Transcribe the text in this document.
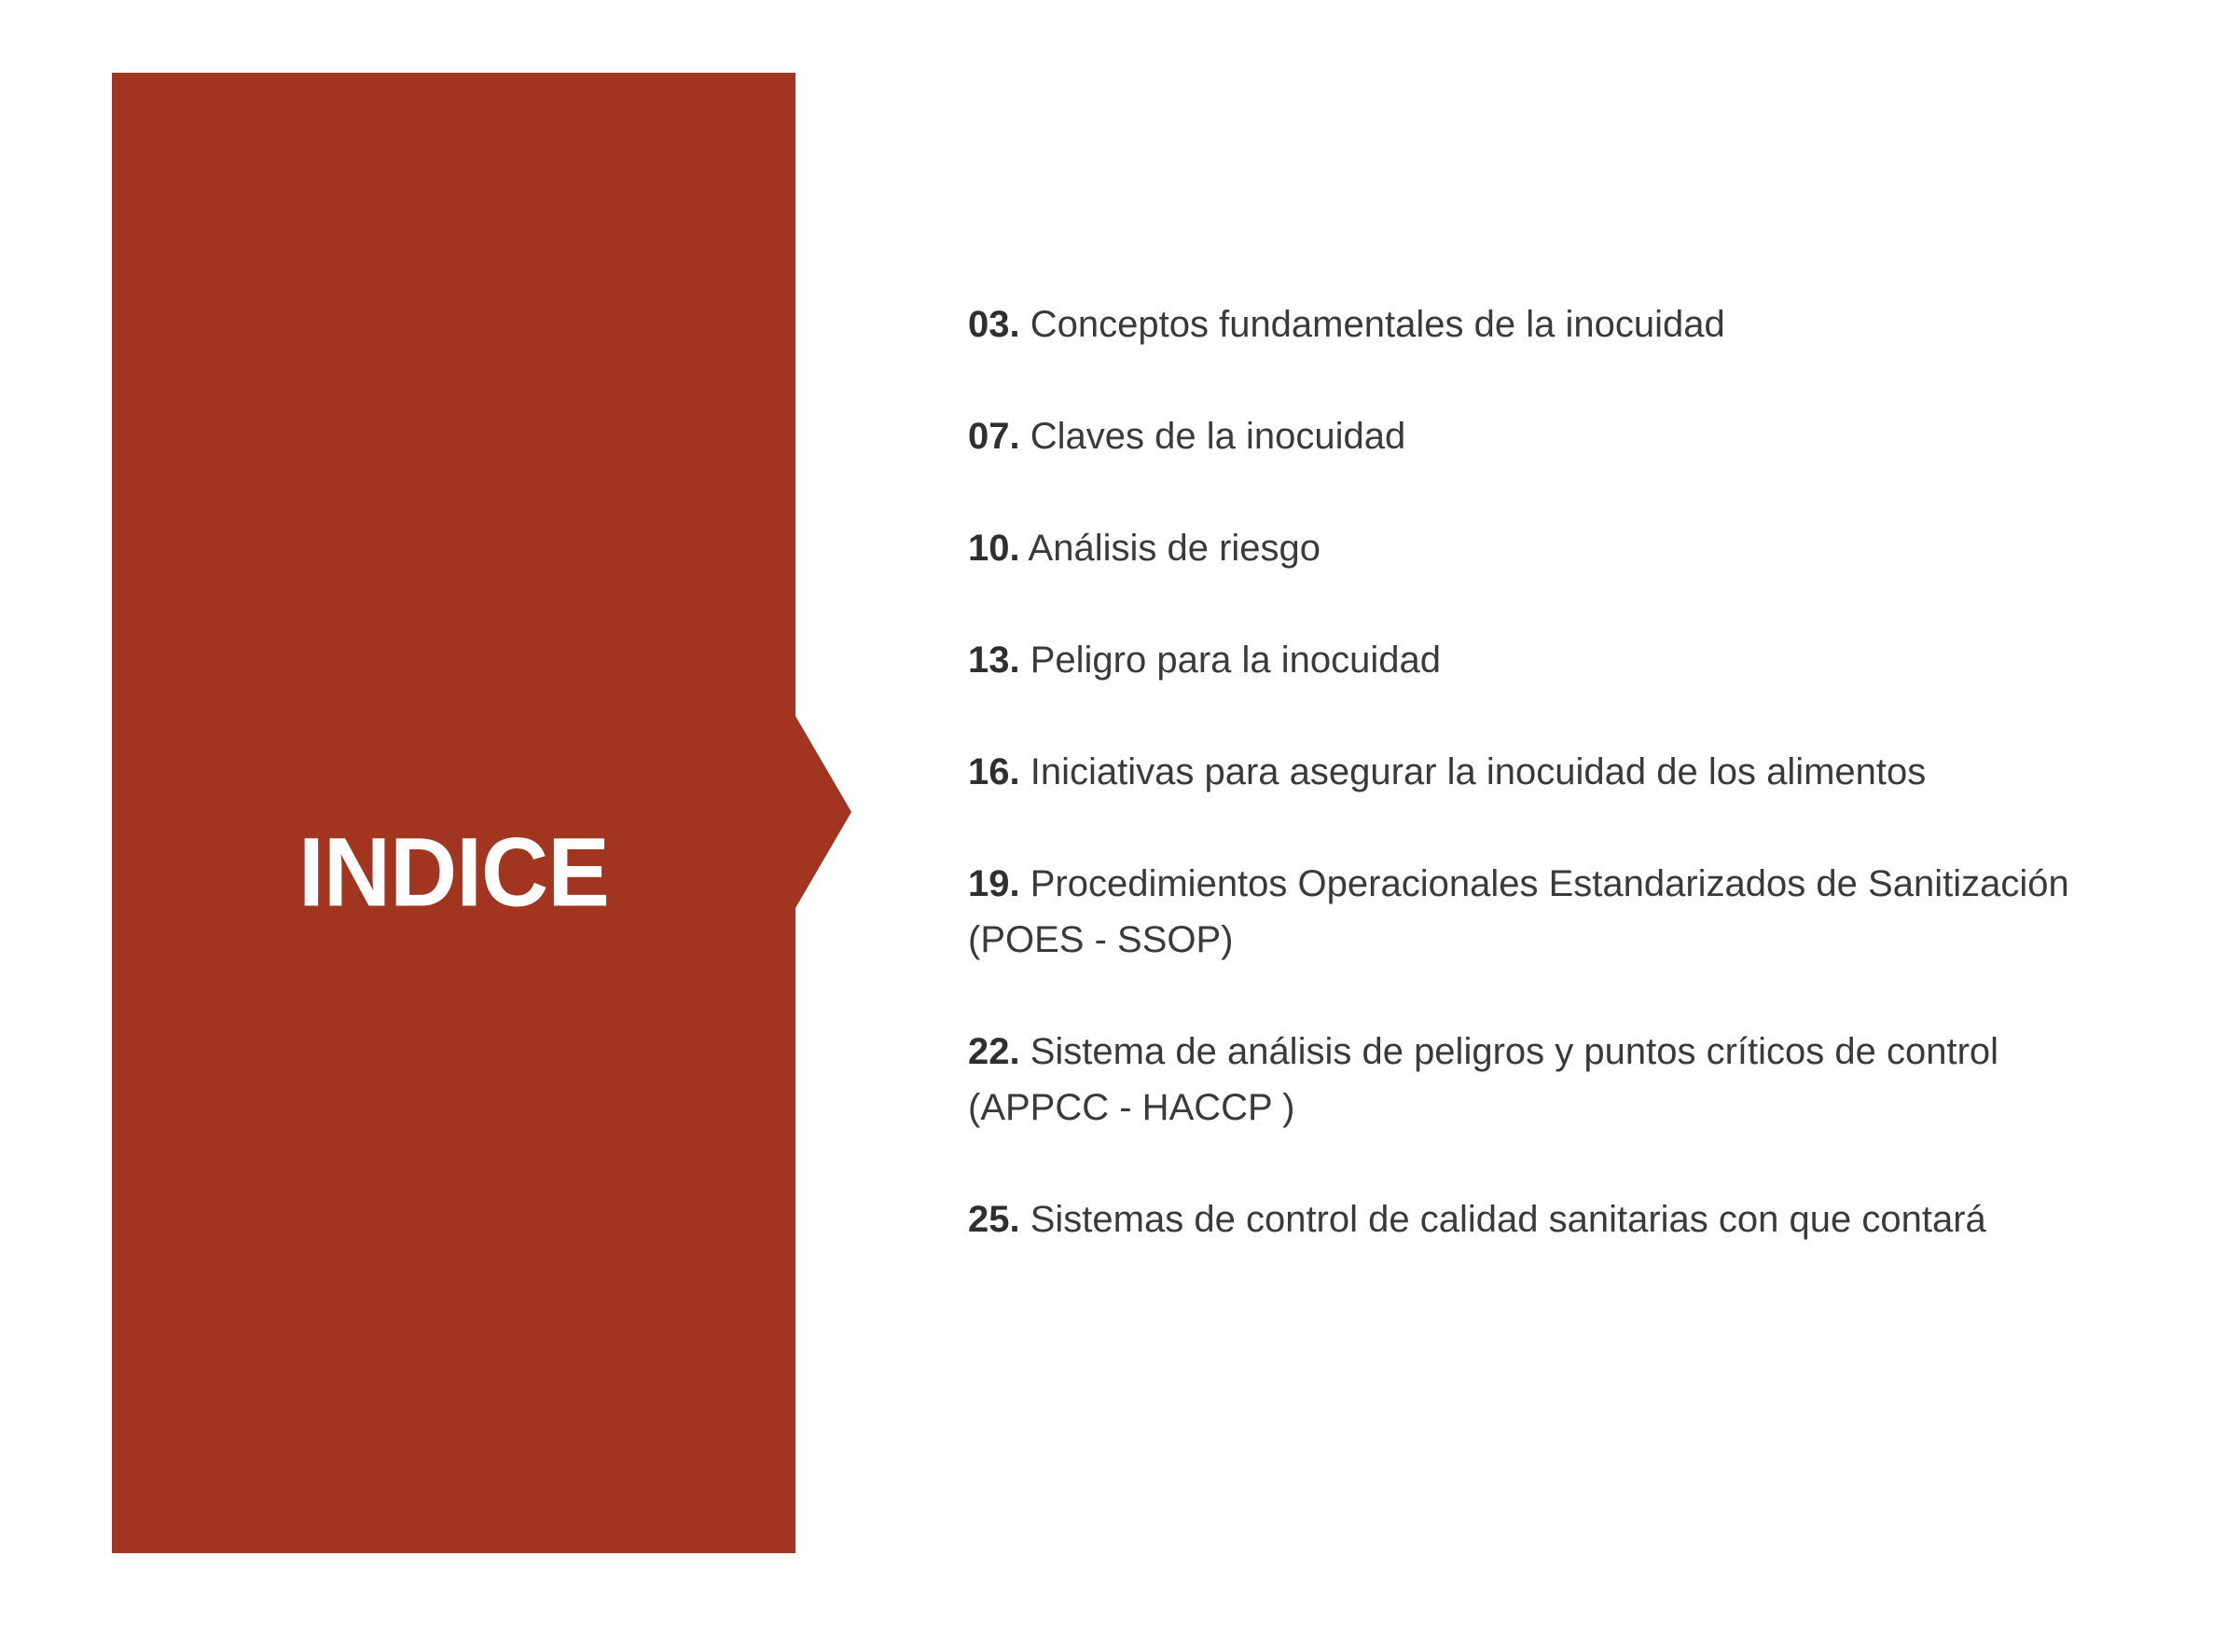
INDICE
03. Conceptos fundamentales de la inocuidad
07. Claves de la inocuidad
10. Análisis de riesgo
13. Peligro para la inocuidad
16. Iniciativas para asegurar la inocuidad de los alimentos
19. Procedimientos Operacionales Estandarizados de Sanitización
(POES - SSOP)
22. Sistema de análisis de peligros y puntos críticos de control
(APPCC - HACCP )
25. Sistemas de control de calidad sanitarias con que contará
